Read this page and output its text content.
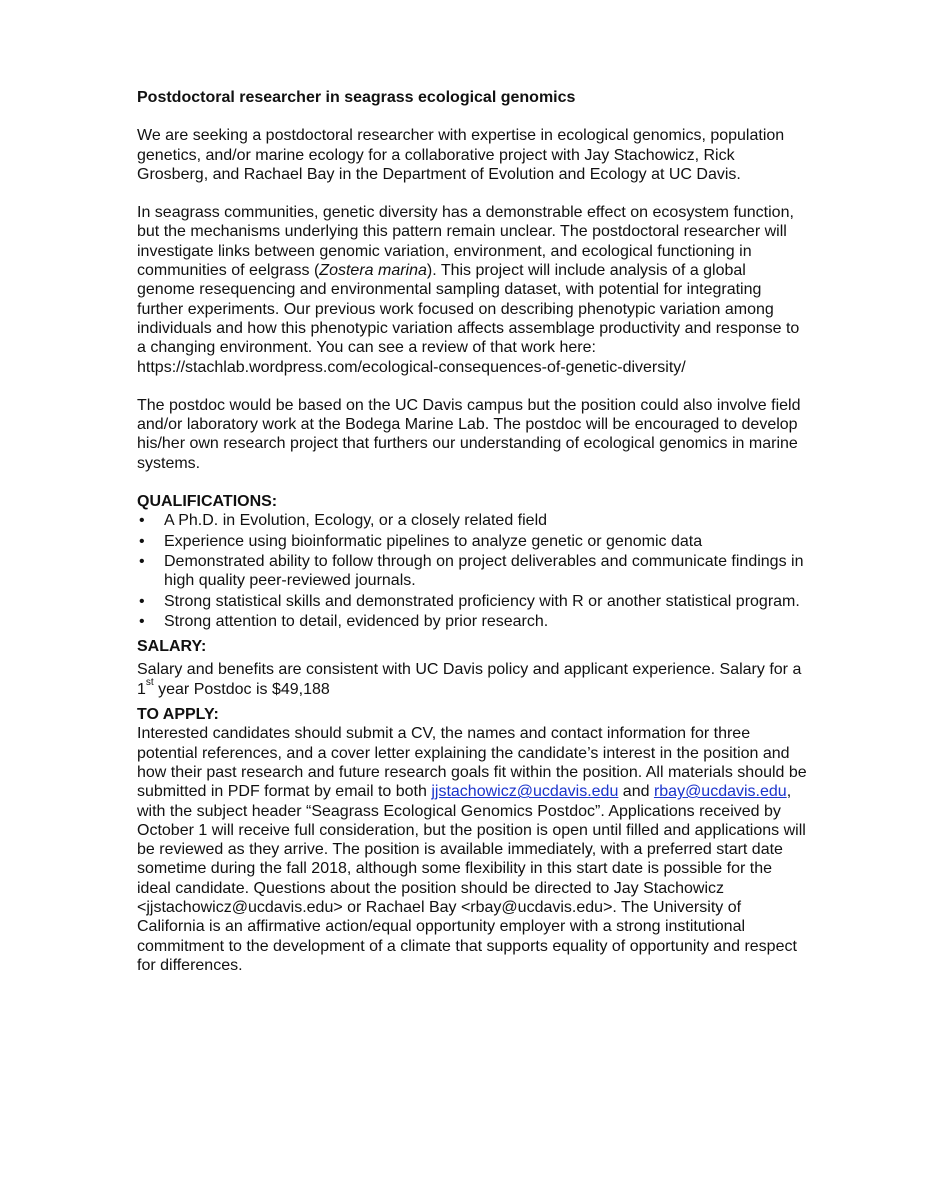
Postdoctoral researcher in seagrass ecological genomics

We are seeking a postdoctoral researcher with expertise in ecological genomics, population genetics, and/or marine ecology for a collaborative project with Jay Stachowicz, Rick Grosberg, and Rachael Bay in the Department of Evolution and Ecology at UC Davis.

In seagrass communities, genetic diversity has a demonstrable effect on ecosystem function, but the mechanisms underlying this pattern remain unclear. The postdoctoral researcher will investigate links between genomic variation, environment, and ecological functioning in communities of eelgrass (Zostera marina). This project will include analysis of a global genome resequencing and environmental sampling dataset, with potential for integrating further experiments. Our previous work focused on describing phenotypic variation among individuals and how this phenotypic variation affects assemblage productivity and response to a changing environment. You can see a review of that work here: https://stachlab.wordpress.com/ecological-consequences-of-genetic-diversity/

The postdoc would be based on the UC Davis campus but the position could also involve field and/or laboratory work at the Bodega Marine Lab. The postdoc will be encouraged to develop his/her own research project that furthers our understanding of ecological genomics in marine systems.

QUALIFICATIONS:
• A Ph.D. in Evolution, Ecology, or a closely related field
• Experience using bioinformatic pipelines to analyze genetic or genomic data
• Demonstrated ability to follow through on project deliverables and communicate findings in high quality peer-reviewed journals.
• Strong statistical skills and demonstrated proficiency with R or another statistical program.
• Strong attention to detail, evidenced by prior research.
SALARY:
Salary and benefits are consistent with UC Davis policy and applicant experience. Salary for a 1st year Postdoc is $49,188
TO APPLY:
Interested candidates should submit a CV, the names and contact information for three potential references, and a cover letter explaining the candidate’s interest in the position and how their past research and future research goals fit within the position. All materials should be submitted in PDF format by email to both jjstachowicz@ucdavis.edu and rbay@ucdavis.edu, with the subject header “Seagrass Ecological Genomics Postdoc”. Applications received by October 1 will receive full consideration, but the position is open until filled and applications will be reviewed as they arrive. The position is available immediately, with a preferred start date sometime during the fall 2018, although some flexibility in this start date is possible for the ideal candidate. Questions about the position should be directed to Jay Stachowicz <jjstachowicz@ucdavis.edu> or Rachael Bay <rbay@ucdavis.edu>. The University of California is an affirmative action/equal opportunity employer with a strong institutional commitment to the development of a climate that supports equality of opportunity and respect for differences.
